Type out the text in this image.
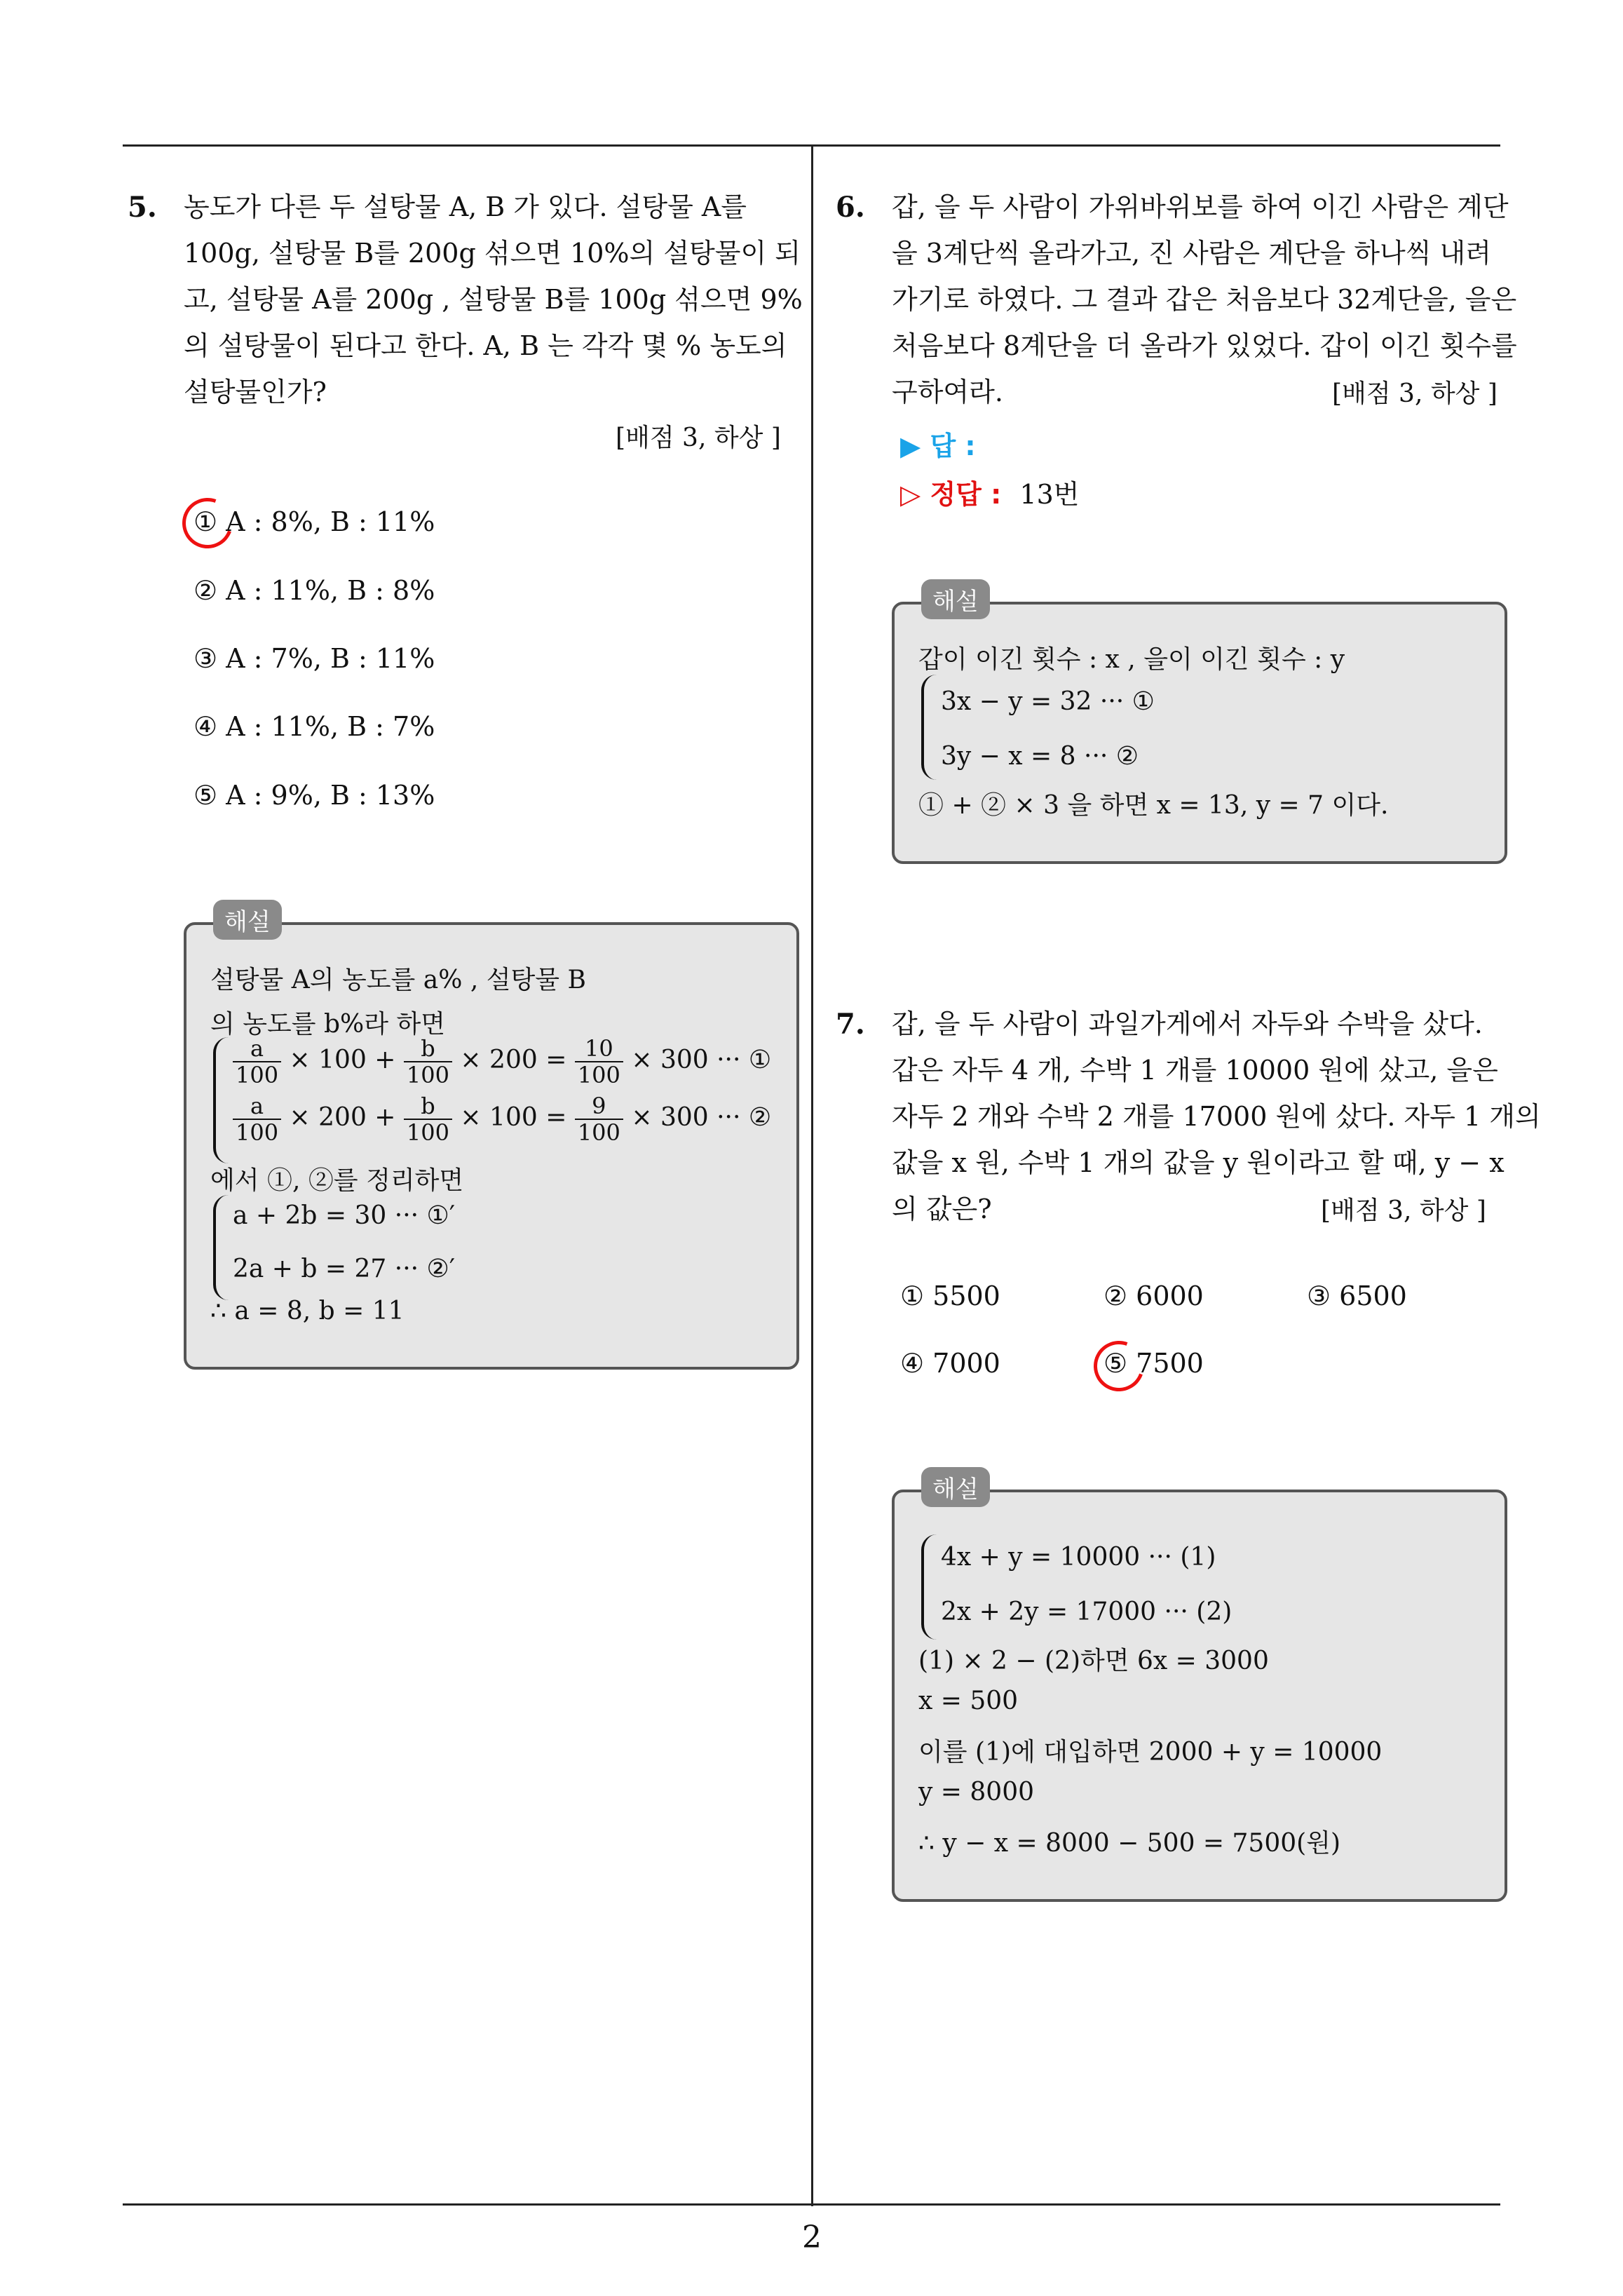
5. 농도가 다른 두 설탕물 A, B 가 있다. 설탕물 A를
100g, 설탕물 B를 200g 섞으면 10%의 설탕물이 되
고, 설탕물 A를 200g , 설탕물 B를 100g 섞으면 9%
의 설탕물이 된다고 한다. A, B 는 각각 몇 % 농도의
설탕물인가?
[배점 3, 하상 ]
① A : 8%, B : 11%
② A : 11%, B : 8%
③ A : 7%, B : 11%
④ A : 11%, B : 7%
⑤ A : 9%, B : 13%
해설
설탕물 A의 농도를 a% , 설탕물 B
의 농도를 b%라 하면
$\frac{a}{100} \times 100 + \frac{b}{100} \times 200 = \frac{10}{100} \times 300$ ··· ①
$\frac{a}{100} \times 200 + \frac{b}{100} \times 100 = \frac{9}{100} \times 300$ ··· ②
에서 ①, ②를 정리하면
a + 2b = 30 ··· ①′
2a + b = 27 ··· ②′
∴ a = 8, b = 11
6. 갑, 을 두 사람이 가위바위보를 하여 이긴 사람은 계단
을 3계단씩 올라가고, 진 사람은 계단을 하나씩 내려
가기로 하였다. 그 결과 갑은 처음보다 32계단을, 을은
처음보다 8계단을 더 올라가 있었다. 갑이 이긴 횟수를
구하여라.	[배점 3, 하상 ]
▶ 답 :
▷ 정답 : 13번
해설
갑이 이긴 횟수 : x , 을이 이긴 횟수 : y
3x − y = 32 ··· ①
3y − x = 8 ··· ②
① + ② × 3 을 하면 x = 13, y = 7 이다.
7. 갑, 을 두 사람이 과일가게에서 자두와 수박을 샀다.
갑은 자두 4 개, 수박 1 개를 10000 원에 샀고, 을은
자두 2 개와 수박 2 개를 17000 원에 샀다. 자두 1 개의
값을 x 원, 수박 1 개의 값을 y 원이라고 할 때, y − x
의 값은?	[배점 3, 하상 ]
① 5500	② 6000	③ 6500
④ 7000	⑤ 7500
해설
4x + y = 10000 ··· (1)
2x + 2y = 17000 ··· (2)
(1) × 2 − (2)하면 6x = 3000
x = 500
이를 (1)에 대입하면 2000 + y = 10000
y = 8000
∴ y − x = 8000 − 500 = 7500(원)
2
